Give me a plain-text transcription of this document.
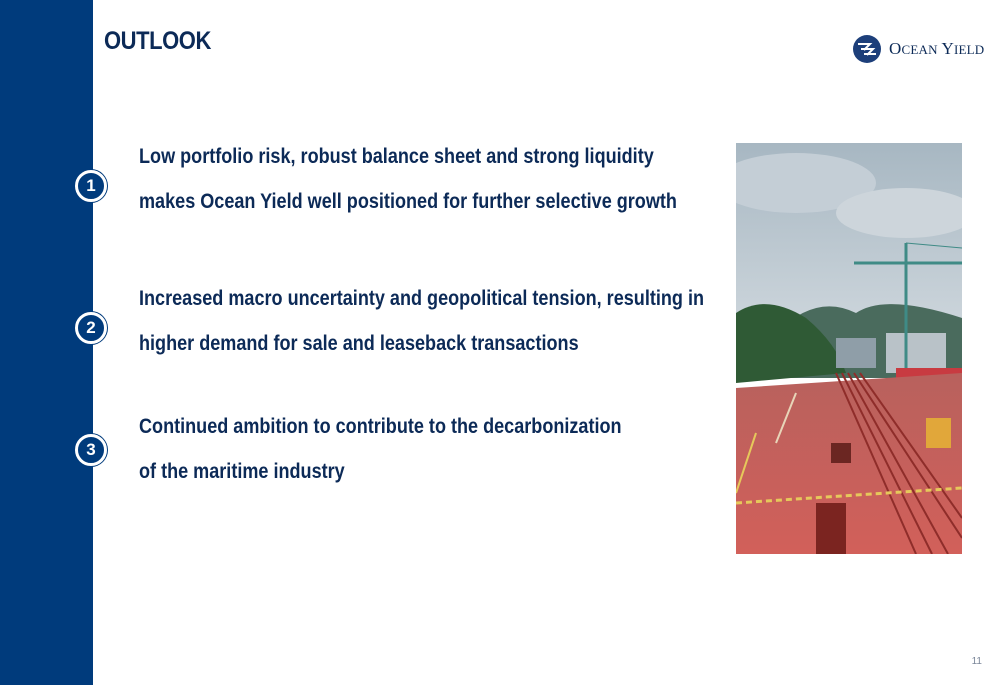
OUTLOOK	OCEAN YIELD
1
Low portfolio risk, robust balance sheet and strong liquidity
makes Ocean Yield well positioned for further selective growth
2
Increased macro uncertainty and geopolitical tension, resulting in
higher demand for sale and leaseback transactions
3
Continued ambition to contribute to the decarbonization
of the maritime industry
11
